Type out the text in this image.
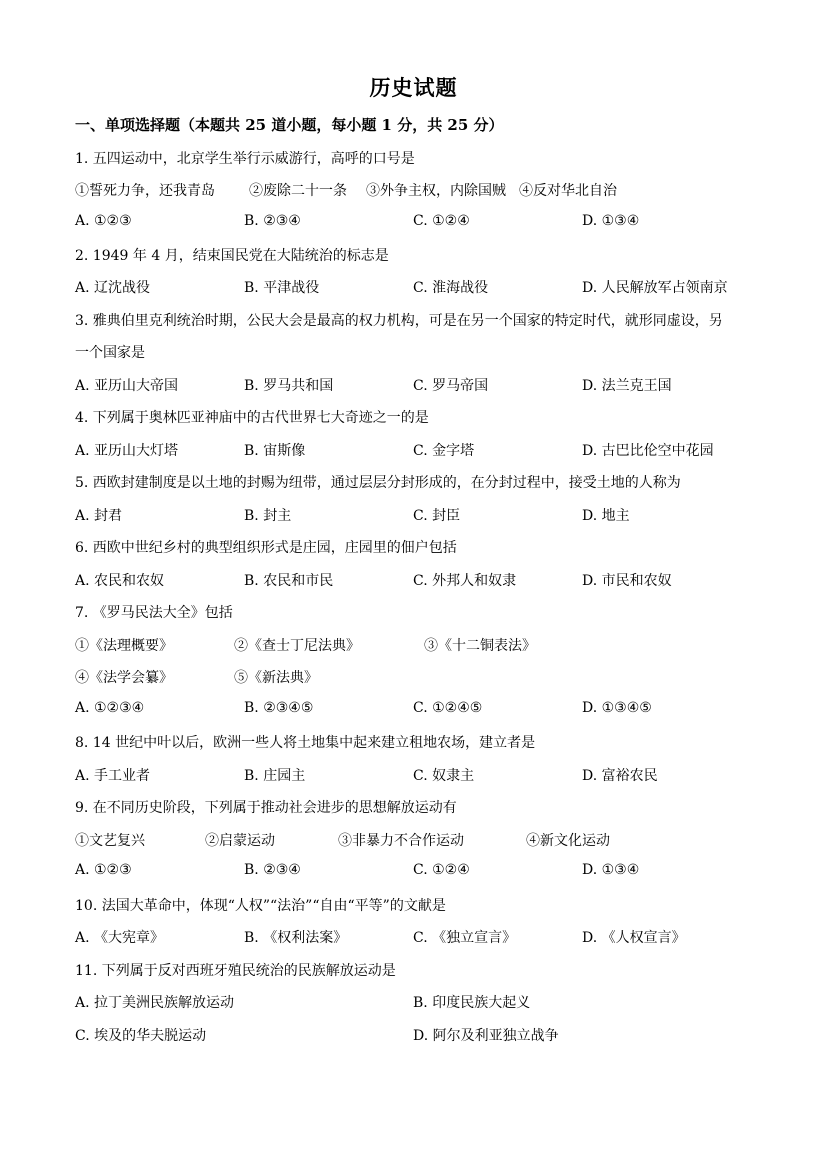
历史试题
一、单项选择题（本题共 25 道小题，每小题 1 分，共 25 分）
1. 五四运动中，北京学生举行示威游行，高呼的口号是
①誓死力争，还我青岛 ②废除二十一条 ③外争主权，内除国贼 ④反对华北自治
A. ①②③	B. ②③④	C. ①②④	D. ①③④
2. 1949 年 4 月，结束国民党在大陆统治的标志是
A. 辽沈战役	B. 平津战役	C. 淮海战役	D. 人民解放军占领南京
3. 雅典伯里克利统治时期，公民大会是最高的权力机构，可是在另一个国家的特定时代，就形同虚设，另
一个国家是
A. 亚历山大帝国	B. 罗马共和国	C. 罗马帝国	D. 法兰克王国
4. 下列属于奥林匹亚神庙中的古代世界七大奇迹之一的是
A. 亚历山大灯塔	B. 宙斯像	C. 金字塔	D. 古巴比伦空中花园
5. 西欧封建制度是以土地的封赐为纽带，通过层层分封形成的，在分封过程中，接受土地的人称为
A. 封君	B. 封主	C. 封臣	D. 地主
6. 西欧中世纪乡村的典型组织形式是庄园，庄园里的佃户包括
A. 农民和农奴	B. 农民和市民	C. 外邦人和奴隶	D. 市民和农奴
7. 《罗马民法大全》包括
①《法理概要》	②《查士丁尼法典》	③《十二铜表法》
④《法学会纂》	⑤《新法典》
A. ①②③④	B. ②③④⑤	C. ①②④⑤	D. ①③④⑤
8. 14 世纪中叶以后，欧洲一些人将土地集中起来建立租地农场，建立者是
A. 手工业者	B. 庄园主	C. 奴隶主	D. 富裕农民
9. 在不同历史阶段，下列属于推动社会进步的思想解放运动有
①文艺复兴	②启蒙运动	③非暴力不合作运动	④新文化运动
A. ①②③	B. ②③④	C. ①②④	D. ①③④
10. 法国大革命中，体现“人权”“法治”“自由“平等”的文献是
A. 《大宪章》	B. 《权利法案》	C. 《独立宣言》	D. 《人权宣言》
11. 下列属于反对西班牙殖民统治的民族解放运动是
A. 拉丁美洲民族解放运动	B. 印度民族大起义
C. 埃及的华夫脱运动	D. 阿尔及利亚独立战争
